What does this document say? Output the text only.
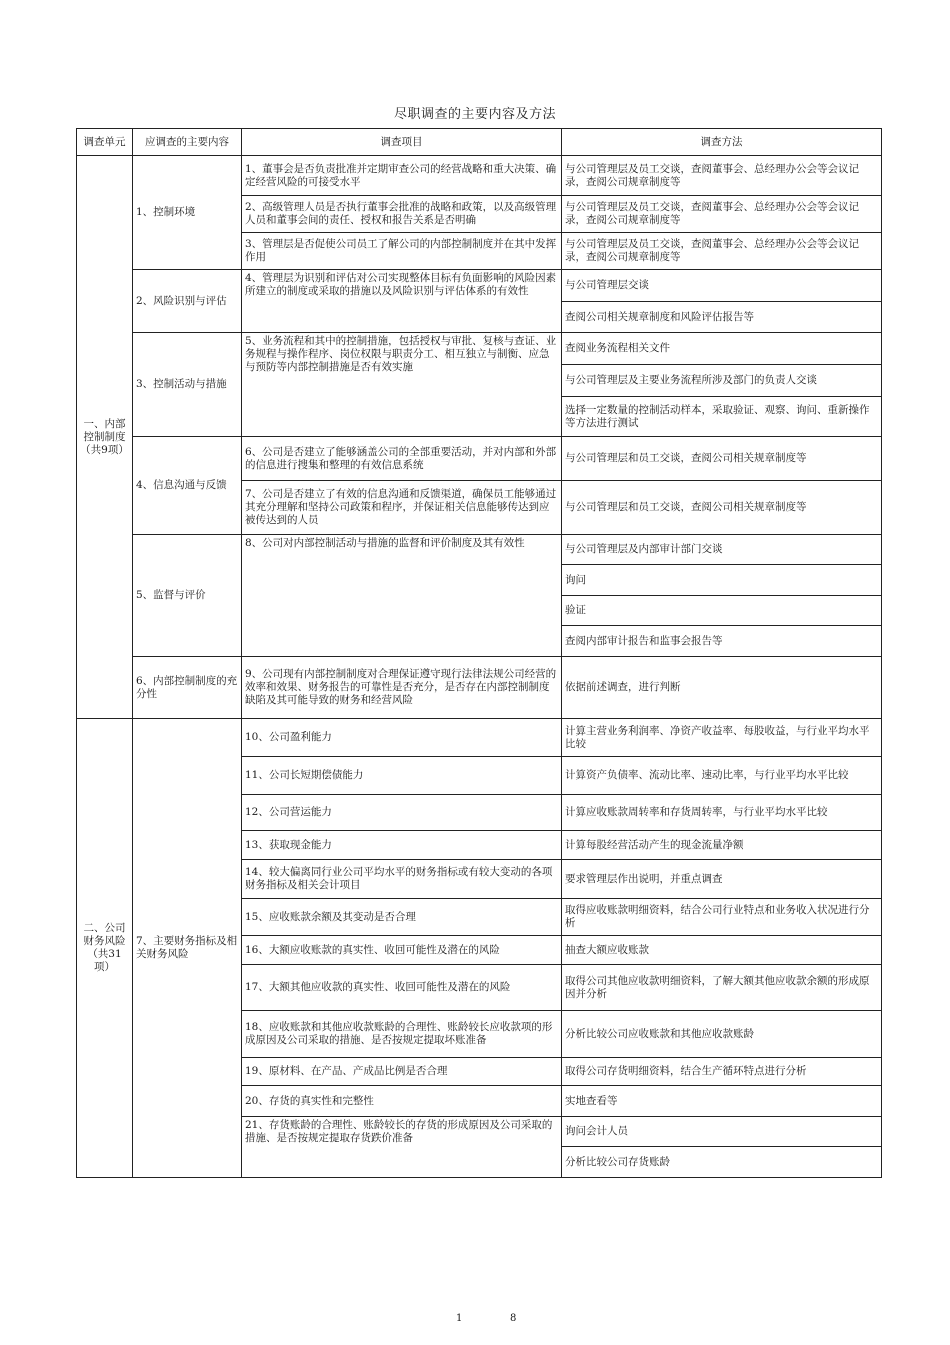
尽职调查的主要内容及方法
调查单元	应调查的主要内容	调查项目	调查方法
一、内部控制制度（共9项）	1、控制环境	1、董事会是否负责批准并定期审查公司的经营战略和重大决策、确定经营风险的可接受水平	与公司管理层及员工交谈，查阅董事会、总经理办公会等会议记录，查阅公司规章制度等
		2、高级管理人员是否执行董事会批准的战略和政策，以及高级管理人员和董事会间的责任、授权和报告关系是否明确	与公司管理层及员工交谈，查阅董事会、总经理办公会等会议记录，查阅公司规章制度等
		3、管理层是否促使公司员工了解公司的内部控制制度并在其中发挥作用	与公司管理层及员工交谈，查阅董事会、总经理办公会等会议记录，查阅公司规章制度等
	2、风险识别与评估	4、管理层为识别和评估对公司实现整体目标有负面影响的风险因素所建立的制度或采取的措施以及风险识别与评估体系的有效性	与公司管理层交谈
			查阅公司相关规章制度和风险评估报告等
	3、控制活动与措施	5、业务流程和其中的控制措施，包括授权与审批、复核与查证、业务规程与操作程序、岗位权限与职责分工、相互独立与制衡、应急与预防等内部控制措施是否有效实施	查阅业务流程相关文件
			与公司管理层及主要业务流程所涉及部门的负责人交谈
			选择一定数量的控制活动样本，采取验证、观察、询问、重新操作等方法进行测试
	4、信息沟通与反馈	6、公司是否建立了能够涵盖公司的全部重要活动，并对内部和外部的信息进行搜集和整理的有效信息系统	与公司管理层和员工交谈，查阅公司相关规章制度等
		7、公司是否建立了有效的信息沟通和反馈渠道，确保员工能够通过其充分理解和坚持公司政策和程序，并保证相关信息能够传达到应被传达到的人员	与公司管理层和员工交谈，查阅公司相关规章制度等
	5、监督与评价	8、公司对内部控制活动与措施的监督和评价制度及其有效性	与公司管理层及内部审计部门交谈
			询问
			验证
			查阅内部审计报告和监事会报告等
	6、内部控制制度的充分性	9、公司现有内部控制制度对合理保证遵守现行法律法规公司经营的效率和效果、财务报告的可靠性是否充分，是否存在内部控制制度缺陷及其可能导致的财务和经营风险	依据前述调查，进行判断
二、公司财务风险（共31项）	7、主要财务指标及相关财务风险	10、公司盈利能力	计算主营业务利润率、净资产收益率、每股收益，与行业平均水平比较
		11、公司长短期偿债能力	计算资产负债率、流动比率、速动比率，与行业平均水平比较
		12、公司营运能力	计算应收账款周转率和存货周转率，与行业平均水平比较
		13、获取现金能力	计算每股经营活动产生的现金流量净额
		14、较大偏离同行业公司平均水平的财务指标或有较大变动的各项财务指标及相关会计项目	要求管理层作出说明，并重点调查
		15、应收账款余额及其变动是否合理	取得应收账款明细资料，结合公司行业特点和业务收入状况进行分析
		16、大额应收账款的真实性、收回可能性及潜在的风险	抽查大额应收账款
		17、大额其他应收款的真实性、收回可能性及潜在的风险	取得公司其他应收款明细资料，了解大额其他应收款余额的形成原因并分析
		18、应收账款和其他应收款账龄的合理性、账龄较长应收款项的形成原因及公司采取的措施、是否按规定提取坏账准备	分析比较公司应收账款和其他应收款账龄
		19、原材料、在产品、产成品比例是否合理	取得公司存货明细资料，结合生产循环特点进行分析
		20、存货的真实性和完整性	实地查看等
		21、存货账龄的合理性、账龄较长的存货的形成原因及公司采取的措施、是否按规定提取存货跌价准备	询问会计人员
			分析比较公司存货账龄
1	8
